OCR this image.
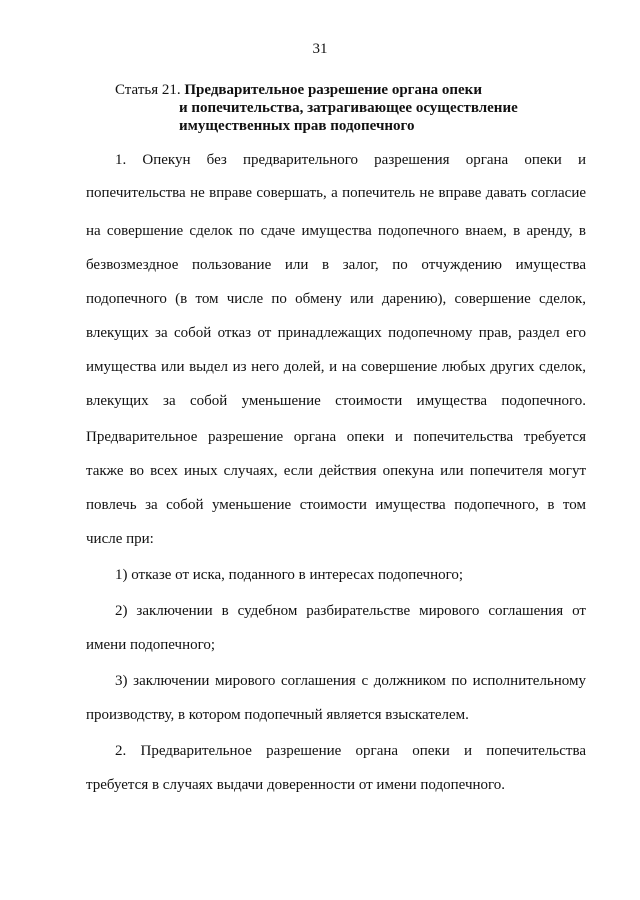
31
Статья 21. Предварительное разрешение органа опеки
и попечительства, затрагивающее осуществление
имущественных прав подопечного
1. Опекун без предварительного разрешения органа опеки и
попечительства не вправе совершать, а попечитель не вправе давать согласие
на совершение сделок по сдаче имущества подопечного внаем, в аренду, в
безвозмездное пользование или в залог, по отчуждению имущества
подопечного (в том числе по обмену или дарению), совершение сделок,
влекущих за собой отказ от принадлежащих подопечному прав, раздел его
имущества или выдел из него долей, и на совершение любых других сделок,
влекущих за собой уменьшение стоимости имущества подопечного.
Предварительное разрешение органа опеки и попечительства требуется
также во всех иных случаях, если действия опекуна или попечителя могут
повлечь за собой уменьшение стоимости имущества подопечного, в том
числе при:
1) отказе от иска, поданного в интересах подопечного;
2) заключении в судебном разбирательстве мирового соглашения от
имени подопечного;
3) заключении мирового соглашения с должником по исполнительному
производству, в котором подопечный является взыскателем.
2. Предварительное разрешение органа опеки и попечительства
требуется в случаях выдачи доверенности от имени подопечного.
